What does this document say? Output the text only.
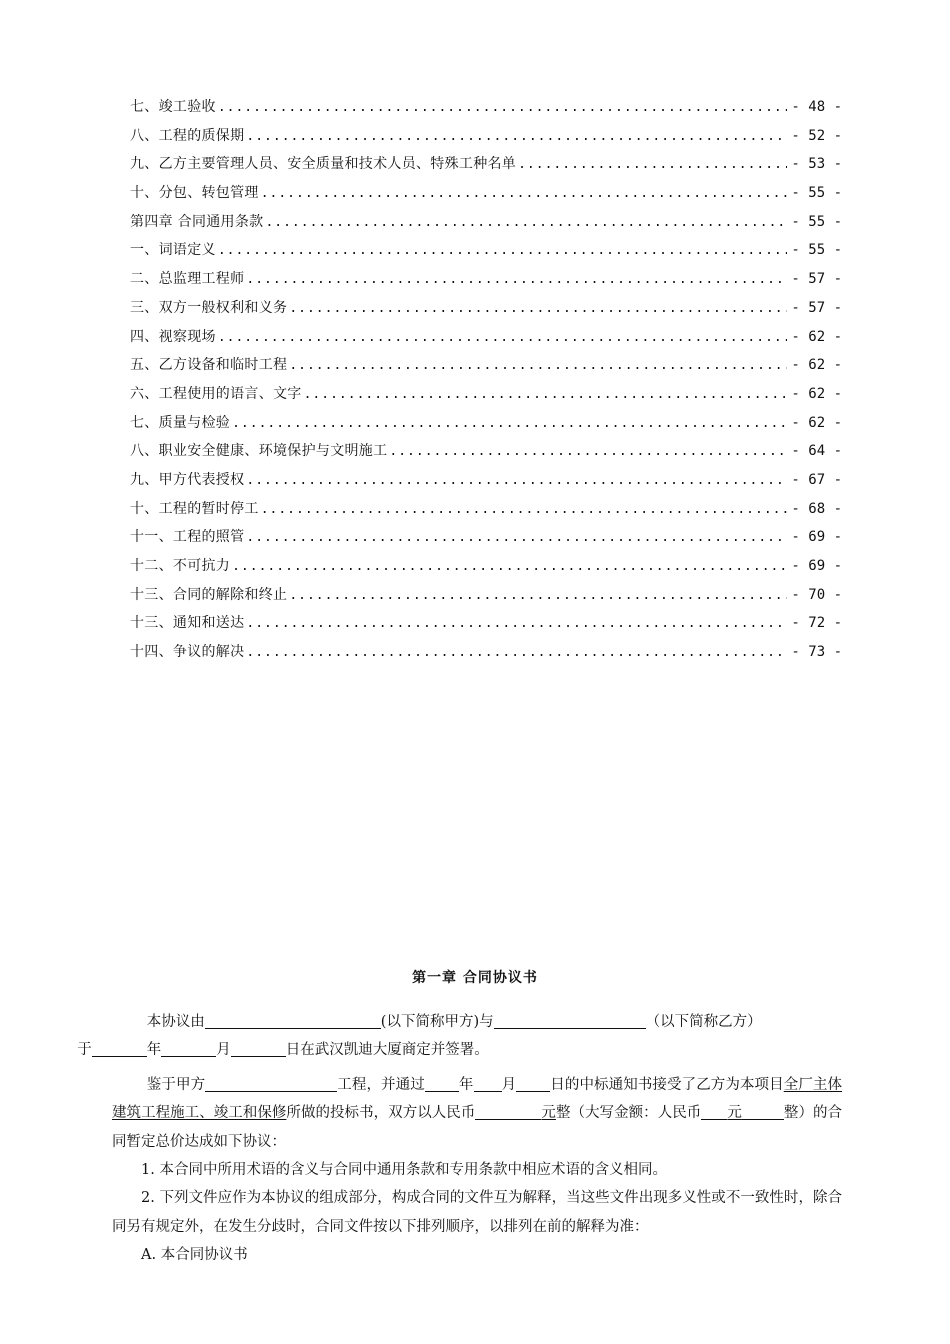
七、竣工验收 .....	- 48 -
八、工程的质保期 .....	- 52 -
九、乙方主要管理人员、安全质量和技术人员、特殊工种名单 .....	- 53 -
十、分包、转包管理 .....	- 55 -
第四章 合同通用条款 .....	- 55 -
一、词语定义 .....	- 55 -
二、总监理工程师 .....	- 57 -
三、双方一般权利和义务 .....	- 57 -
四、视察现场 .....	- 62 -
五、乙方设备和临时工程 .....	- 62 -
六、工程使用的语言、文字 .....	- 62 -
七、质量与检验 .....	- 62 -
八、职业安全健康、环境保护与文明施工 .....	- 64 -
九、甲方代表授权 .....	- 67 -
十、工程的暂时停工 .....	- 68 -
十一、工程的照管 .....	- 69 -
十二、不可抗力 .....	- 69 -
十三、合同的解除和终止 .....	- 70 -
十三、通知和送达 .....	- 72 -
十四、争议的解决 .....	- 73 -
第一章 合同协议书

本协议由	(以下简称甲方)与	（以下简称乙方）
于	年	月	日在武汉凯迪大厦商定并签署。

鉴于甲方	工程，并通过 年 月 日的中标通知书接受了乙方为本项目全厂主体建筑工程施工、竣工和保修所做的投标书，双方以人民币	元整（大写金额：人民币 元	整）的合同暂定总价达成如下协议：

1. 本合同中所用术语的含义与合同中通用条款和专用条款中相应术语的含义相同。

2. 下列文件应作为本协议的组成部分，构成合同的文件互为解释，当这些文件出现多义性或不一致性时，除合同另有规定外，在发生分歧时，合同文件按以下排列顺序，以排列在前的解释为准：

A. 本合同协议书
